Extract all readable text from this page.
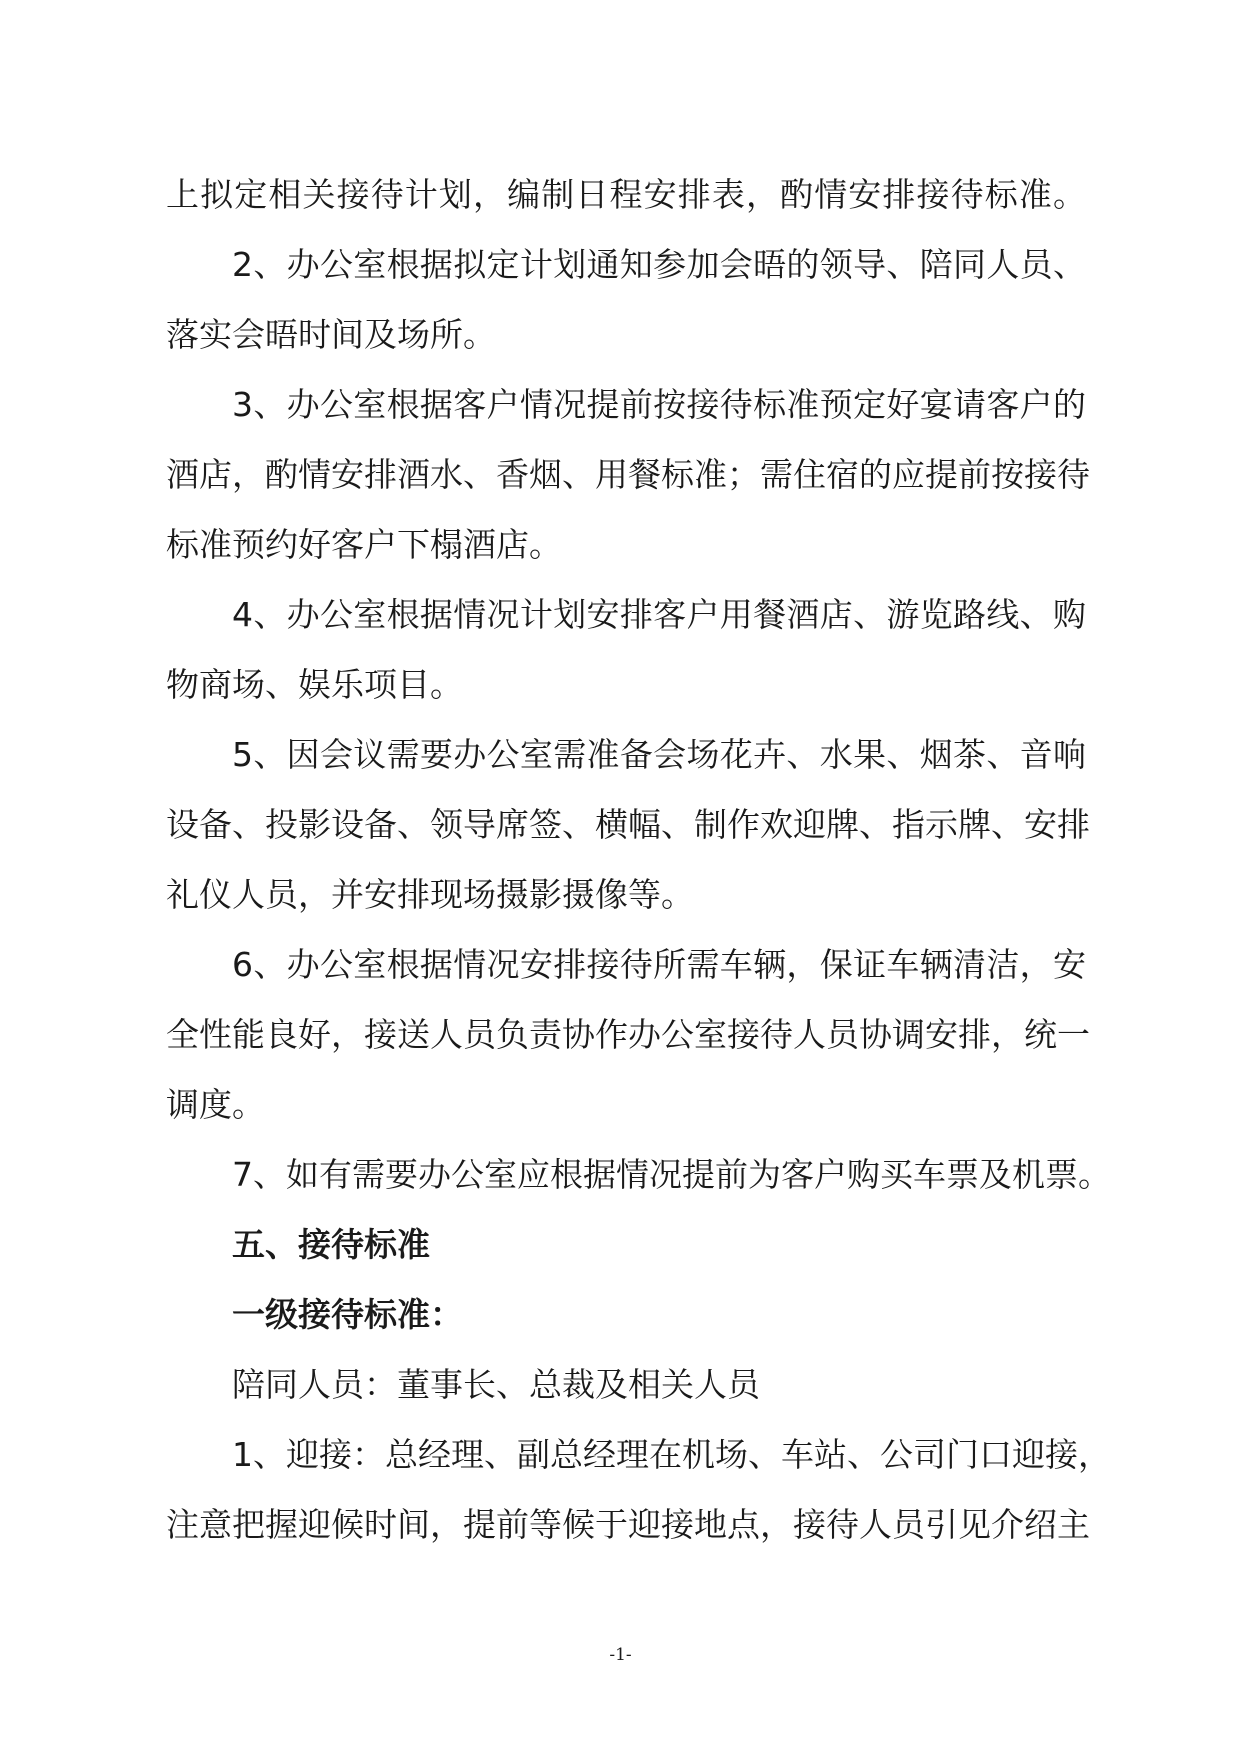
上拟定相关接待计划，编制日程安排表，酌情安排接待标准。
2、办公室根据拟定计划通知参加会晤的领导、陪同人员、
落实会晤时间及场所。
3、办公室根据客户情况提前按接待标准预定好宴请客户的
酒店，酌情安排酒水、香烟、用餐标准；需住宿的应提前按接待
标准预约好客户下榻酒店。
4、办公室根据情况计划安排客户用餐酒店、游览路线、购
物商场、娱乐项目。
5、因会议需要办公室需准备会场花卉、水果、烟茶、音响
设备、投影设备、领导席签、横幅、制作欢迎牌、指示牌、安排
礼仪人员，并安排现场摄影摄像等。
6、办公室根据情况安排接待所需车辆，保证车辆清洁，安
全性能良好，接送人员负责协作办公室接待人员协调安排，统一
调度。
7、如有需要办公室应根据情况提前为客户购买车票及机票。
五、接待标准
一级接待标准：
陪同人员：董事长、总裁及相关人员
1、迎接：总经理、副总经理在机场、车站、公司门口迎接，
注意把握迎候时间，提前等候于迎接地点，接待人员引见介绍主
-1-
